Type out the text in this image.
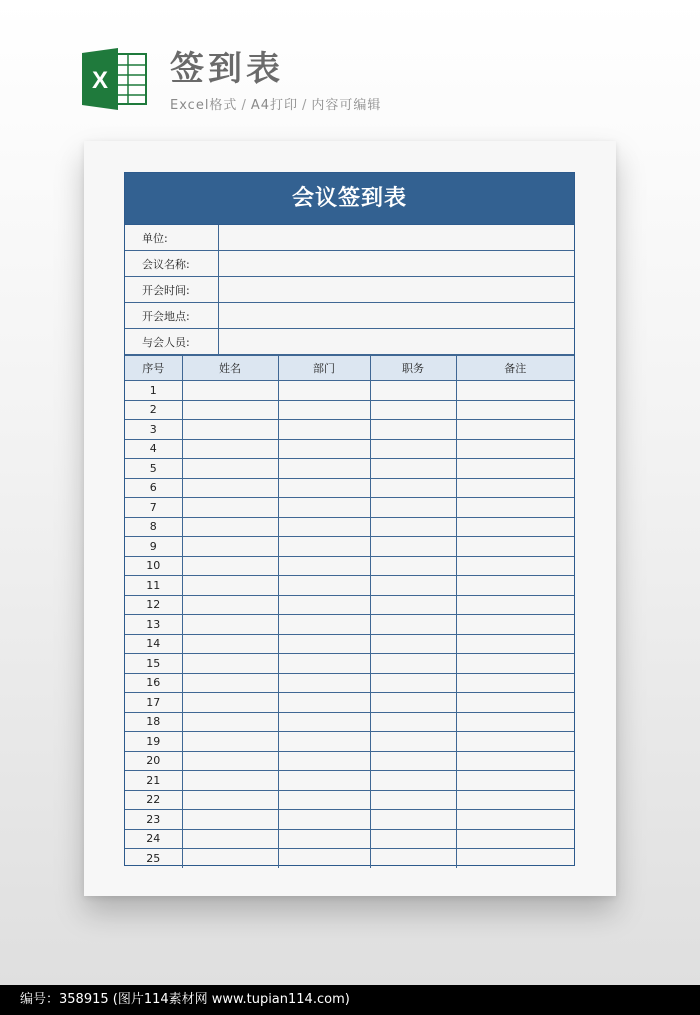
X 签到表
Excel格式 / A4打印 / 内容可编辑
会议签到表
单位:	
会议名称:	
开会时间:	
开会地点:	
与会人员:	
序号	姓名	部门	职务	备注
1				
2				
3				
4				
5				
6				
7				
8				
9				
10				
11				
12				
13				
14				
15				
16				
17				
18				
19				
20				
21				
22				
23				
24				
25				
编号：358915 (图片114素材网 www.tupian114.com)
